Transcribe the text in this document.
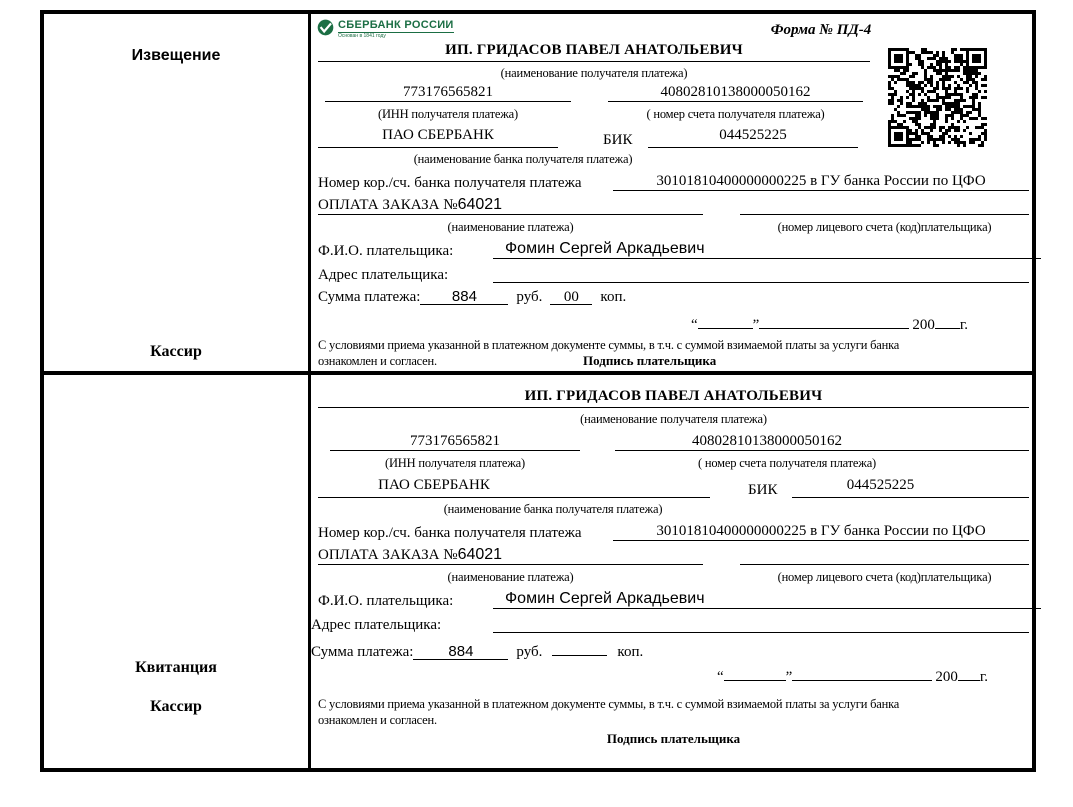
Извещение
Кассир
СБЕРБАНК РОССИИ
Основан в 1841 году	Форма № ПД-4
ИП. ГРИДАСОВ ПАВЕЛ АНАТОЛЬЕВИЧ
(наименование получателя платежа)
773176565821	40802810138000050162
(ИНН получателя платежа)	( номер счета получателя платежа)
ПАО СБЕРБАНК	БИК	044525225
(наименование банка получателя платежа)
Номер кор./сч. банка получателя платежа	30101810400000000225 в ГУ банка России по ЦФО
ОПЛАТА ЗАКАЗА №64021
(наименование платежа)	(номер лицевого счета (код)плательщика)
Ф.И.О. плательщика:	Фомин Сергей Аркадьевич
Адрес плательщика:
Сумма платежа:	884	руб.	00	коп.
“	”	200 г.
С условиями приема указанной в платежном документе суммы, в т.ч. с суммой взимаемой платы за услуги банка
ознакомлен и согласен.	Подпись плательщика
Квитанция
Кассир
ИП. ГРИДАСОВ ПАВЕЛ АНАТОЛЬЕВИЧ
(наименование получателя платежа)
773176565821	40802810138000050162
(ИНН получателя платежа)	( номер счета получателя платежа)
ПАО СБЕРБАНК	БИК	044525225
(наименование банка получателя платежа)
Номер кор./сч. банка получателя платежа	30101810400000000225 в ГУ банка России по ЦФО
ОПЛАТА ЗАКАЗА №64021
(наименование платежа)	(номер лицевого счета (код)плательщика)
Ф.И.О. плательщика:	Фомин Сергей Аркадьевич
Адрес плательщика:
Сумма платежа:	884	руб.	коп.
“	”	200 г.
С условиями приема указанной в платежном документе суммы, в т.ч. с суммой взимаемой платы за услуги банка
ознакомлен и согласен.
Подпись плательщика
